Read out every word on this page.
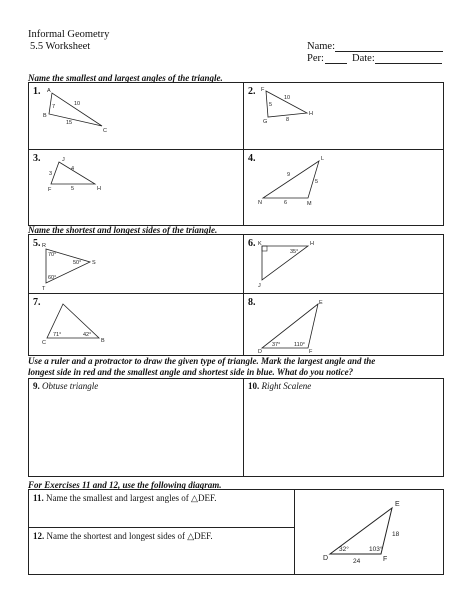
Informal Geometry
5.5 Worksheet	Name:
Per:	Date:
Name the smallest and largest angles of the triangle.
1. A
B
C
7
15
10
2. F
G
H
10
8
5
3.	J
F	H
4
3
5
4.	L
N	M
9
5
6
Name the shortest and longest sides of the triangle.
5. R
S
T
70°
50°
60°
6. K	H
J
35°
7.
C	B
71°	42°
8.	E
D	F
37° 110°
Use a ruler and a protractor to draw the given type of triangle. Mark the largest angle and the
longest side in red and the smallest angle and shortest side in blue. What do you notice?
9. Obtuse triangle	10. Right Scalene
For Exercises 11 and 12, use the following diagram.
11. Name the smallest and largest angles of △DEF.
12. Name the shortest and longest sides of △DEF.
E
D	F
32°	103°
24
18
